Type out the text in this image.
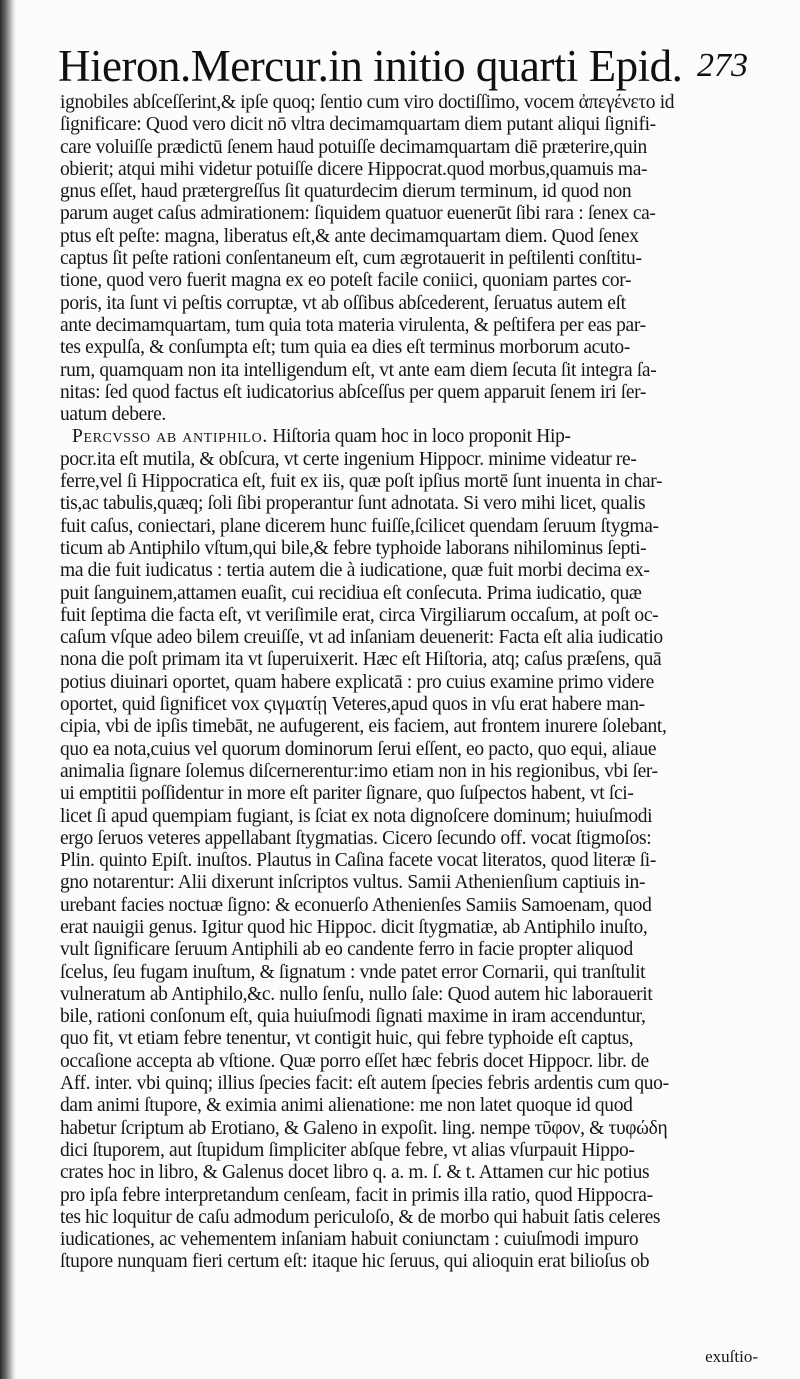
Hieron.Mercur.in initio quarti Epid. 273
ignobiles abſceſſerint,& ipſe quoq; ſentio cum viro doctiſſimo, vocem ἀπεγένετο id
ſignificare: Quod vero dicit nō vltra decimamquartam diem putant aliqui ſignifi-
care voluiſſe prædictū ſenem haud potuiſſe decimamquartam diē præterire,quin
obierit; atqui mihi videtur potuiſſe dicere Hippocrat.quod morbus,quamuis ma-
gnus eſſet, haud prætergreſſus ſit quaturdecim dierum terminum, id quod non
parum auget caſus admirationem: ſiquidem quatuor euenerūt ſibi rara : ſenex ca-
ptus eſt peſte: magna, liberatus eſt,& ante decimamquartam diem. Quod ſenex
captus ſit peſte rationi conſentaneum eſt, cum ægrotauerit in peſtilenti conſtitu-
tione, quod vero fuerit magna ex eo poteſt facile coniici, quoniam partes cor-
poris, ita ſunt vi peſtis corruptæ, vt ab oſſibus abſcederent, ſeruatus autem eſt
ante decimamquartam, tum quia tota materia virulenta, & peſtifera per eas par-
tes expulſa, & conſumpta eſt; tum quia ea dies eſt terminus morborum acuto-
rum, quamquam non ita intelligendum eſt, vt ante eam diem ſecuta ſit integra ſa-
nitas: ſed quod factus eſt iudicatorius abſceſſus per quem apparuit ſenem iri ſer-
uatum debere.
Percvsso ab antiphilo. Hiſtoria quam hoc in loco proponit Hip-
pocr.ita eſt mutila, & obſcura, vt certe ingenium Hippocr. minime videatur re-
ferre,vel ſi Hippocratica eſt, fuit ex iis, quæ poſt ipſius mortē ſunt inuenta in char-
tis,ac tabulis,quæq; ſoli ſibi properantur ſunt adnotata. Si vero mihi licet, qualis
fuit caſus, coniectari, plane dicerem hunc fuiſſe,ſcilicet quendam ſeruum ſtygma-
ticum ab Antiphilo vſtum,qui bile,& febre typhoide laborans nihilominus ſepti-
ma die fuit iudicatus : tertia autem die à iudicatione, quæ fuit morbi decima ex-
puit ſanguinem,attamen euaſit, cui recidiua eſt conſecuta. Prima iudicatio, quæ
fuit ſeptima die facta eſt, vt veriſimile erat, circa Virgiliarum occaſum, at poſt oc-
caſum vſque adeo bilem creuiſſe, vt ad inſaniam deuenerit: Facta eſt alia iudicatio
nona die poſt primam ita vt ſuperuixerit. Hæc eſt Hiſtoria, atq; caſus præſens, quā
potius diuinari oportet, quam habere explicatā : pro cuius examine primo videre
oportet, quid ſignificet vox ϛιγματίῃ Veteres,apud quos in vſu erat habere man-
cipia, vbi de ipſis timebāt, ne aufugerent, eis faciem, aut frontem inurere ſolebant,
quo ea nota,cuius vel quorum dominorum ſerui eſſent, eo pacto, quo equi, aliaue
animalia ſignare ſolemus diſcernerentur:imo etiam non in his regionibus, vbi ſer-
ui emptitii poſſidentur in more eſt pariter ſignare, quo ſuſpectos habent, vt ſci-
licet ſi apud quempiam fugiant, is ſciat ex nota dignoſcere dominum; huiuſmodi
ergo ſeruos veteres appellabant ſtygmatias. Cicero ſecundo off. vocat ſtigmoſos:
Plin. quinto Epiſt. inuſtos. Plautus in Caſina facete vocat literatos, quod literæ ſi-
gno notarentur: Alii dixerunt inſcriptos vultus. Samii Athenienſium captiuis in-
urebant facies noctuæ ſigno: & econuerſo Athenienſes Samiis Samoenam, quod
erat nauigii genus. Igitur quod hic Hippoc. dicit ſtygmatiæ, ab Antiphilo inuſto,
vult ſignificare ſeruum Antiphili ab eo candente ferro in facie propter aliquod
ſcelus, ſeu fugam inuſtum, & ſignatum : vnde patet error Cornarii, qui tranſtulit
vulneratum ab Antiphilo,&c. nullo ſenſu, nullo ſale: Quod autem hic laborauerit
bile, rationi conſonum eſt, quia huiuſmodi ſignati maxime in iram accenduntur,
quo fit, vt etiam febre tenentur, vt contigit huic, qui febre typhoide eſt captus,
occaſione accepta ab vſtione. Quæ porro eſſet hæc febris docet Hippocr. libr. de
Aff. inter. vbi quinq; illius ſpecies facit: eſt autem ſpecies febris ardentis cum quo-
dam animi ſtupore, & eximia animi alienatione: me non latet quoque id quod
habetur ſcriptum ab Erotiano, & Galeno in expoſit. ling. nempe τῦφον, & τυφώδη
dici ſtuporem, aut ſtupidum ſimpliciter abſque febre, vt alias vſurpauit Hippo-
crates hoc in libro, & Galenus docet libro q. a. m. ſ. & t. Attamen cur hic potius
pro ipſa febre interpretandum cenſeam, facit in primis illa ratio, quod Hippocra-
tes hic loquitur de caſu admodum periculoſo, & de morbo qui habuit ſatis celeres
iudicationes, ac vehementem inſaniam habuit coniunctam : cuiuſmodi impuro
ſtupore nunquam fieri certum eſt: itaque hic ſeruus, qui alioquin erat bilioſus ob
exuſtio-
